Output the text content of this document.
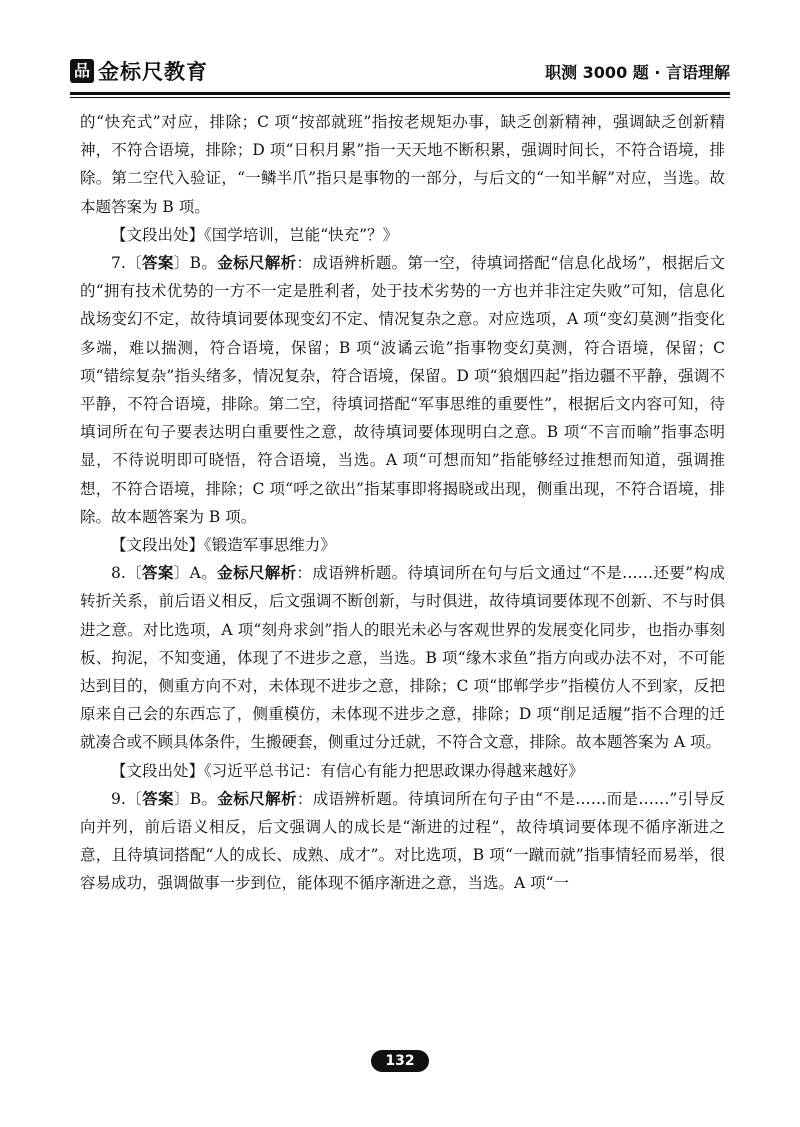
品 金标尺教育	职测 3000 题 · 言语理解

的“快充式”对应，排除；C 项“按部就班”指按老规矩办事，缺乏创新精神，强调缺乏创新精神，不符合语境，排除；D 项“日积月累”指一天天地不断积累，强调时间长，不符合语境，排除。第二空代入验证，“一鳞半爪”指只是事物的一部分，与后文的“一知半解”对应，当选。故本题答案为 B 项。

【文段出处】《国学培训，岂能“快充”？》

7.〔答案〕B。金标尺解析：成语辨析题。第一空，待填词搭配“信息化战场”，根据后文的“拥有技术优势的一方不一定是胜利者，处于技术劣势的一方也并非注定失败”可知，信息化战场变幻不定，故待填词要体现变幻不定、情况复杂之意。对应选项，A 项“变幻莫测”指变化多端，难以揣测，符合语境，保留；B 项“波谲云诡”指事物变幻莫测，符合语境，保留；C 项“错综复杂”指头绪多，情况复杂，符合语境，保留。D 项“狼烟四起”指边疆不平静，强调不平静，不符合语境，排除。第二空，待填词搭配“军事思维的重要性”，根据后文内容可知，待填词所在句子要表达明白重要性之意，故待填词要体现明白之意。B 项“不言而喻”指事态明显，不待说明即可晓悟，符合语境，当选。A 项“可想而知”指能够经过推想而知道，强调推想，不符合语境，排除；C 项“呼之欲出”指某事即将揭晓或出现，侧重出现，不符合语境，排除。故本题答案为 B 项。

【文段出处】《锻造军事思维力》

8.〔答案〕A。金标尺解析：成语辨析题。待填词所在句与后文通过“不是……还要”构成转折关系，前后语义相反，后文强调不断创新，与时俱进，故待填词要体现不创新、不与时俱进之意。对比选项，A 项“刻舟求剑”指人的眼光未必与客观世界的发展变化同步，也指办事刻板、拘泥，不知变通，体现了不进步之意，当选。B 项“缘木求鱼”指方向或办法不对，不可能达到目的，侧重方向不对，未体现不进步之意，排除；C 项“邯郸学步”指模仿人不到家，反把原来自己会的东西忘了，侧重模仿，未体现不进步之意，排除；D 项“削足适履”指不合理的迁就凑合或不顾具体条件，生搬硬套，侧重过分迁就，不符合文意，排除。故本题答案为 A 项。

【文段出处】《习近平总书记：有信心有能力把思政课办得越来越好》

9.〔答案〕B。金标尺解析：成语辨析题。待填词所在句子由“不是……而是……”引导反向并列，前后语义相反，后文强调人的成长是“渐进的过程”，故待填词要体现不循序渐进之意，且待填词搭配“人的成长、成熟、成才”。对比选项，B 项“一蹴而就”指事情轻而易举，很容易成功，强调做事一步到位，能体现不循序渐进之意，当选。A 项“一

132
